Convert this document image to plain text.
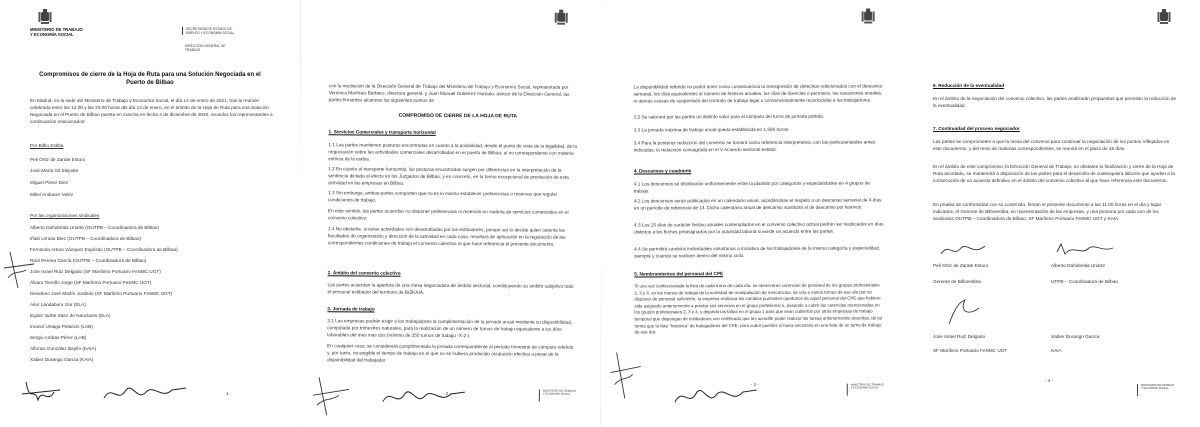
MINISTERIO DE TRABAJO
Y ECONOMÍA SOCIAL
SECRETARÍA DE ESTADO DE
EMPLEO Y ECONOMÍA SOCIAL
DIRECCIÓN GENERAL DE
TRABAJO
Compromisos de cierre de la Hoja de Ruta para una Solución Negociada en el Puerto de Bilbao
En Madrid, en la sede del Ministerio de Trabajo y Economía Social, el día 14 de enero de 2021, tras la reunión celebrada entre las 12:00 y las 23:00 horas del día 13 de enero, en el ámbito de la Hoja de Ruta para una Solución Negociada en el Puerto de Bilbao puesta en marcha en fecha 4 de diciembre de 2020, reunidos los representantes a continuación relacionados:
Por Bilbo Estiba
Peli Ortiz de Zarate Esturo
José María Gil Elejoste
Miguel Pérez Diez
Mikel Andonez Velez
Por las organizaciones sindicales
Alberto Dañobeitia Uriarte (OUTPB – Coordinadora de Bilbao)
Iñaki Urrutia Diez (OUTPB – Coordinadora de Bilbao)
Fernando Arturo Vázquez Expósito (OUTPB – Coordinadora de Bilbao)
Raúl Pereira García (OUTPB – Coordinadora de Bilbao)
Jose Israel Ruiz Delgado (SF Marítimo Portuario FeSMC UGT)
Álvaro Tierrillo Jorge (SF Marítimo Portuario FeSMC UGT)
Desiderio José Marlín Jordedo (SF Marítimo Portuario FeSMC UGT)
Aitor Landaburu Izar (ELA)
Egoitz Iturbe Sáez de Nanclares (ELA)
Imanol Urtiaga Pelacios (LAB)
Sergio Arribas Pérez (LAB)
Alfonso González Baylín (KAIA)
Xabier Durango García (KAIA)
1
con la mediación de la Dirección General de Trabajo del Ministerio de Trabajo y Economía Social, representada por Verónica Martínez Barbero, directora general, y Juan Manuel Gutiérrez Hurtado, asesor de la Dirección General, las partes firmantes alcanzan los siguientes puntos de
COMPROMISO DE CIERRE DE LA HOJA DE RUTA
1. Servicios Comerciales y transporte horizontal
1.1 Las partes mantienen posturas encontradas en cuanto a la posibilidad, desde el punto de vista de la legalidad, de la negociación sobre las actividades comerciales desarrolladas en el puerto de Bilbao, al no corresponderse con materia estricta de la estiba.
1.2 En cuanto al transporte horizontal, las posturas encontradas surgen por diferencias en la interpretación de la sentencia dictada al efecto en los Juzgados de Bilbao, y en concreto, en la forma excepcional de prestación de esta actividad en las empresas en Bilbao.
1.3 Sin embargo, ambas partes comparten que no es lo mismo establecer preferencias o reservas que regular condiciones de trabajo.
En este sentido, las partes acuerdan no disponer preferencias ni reservas en materia de servicios comerciales en el convenio colectivo.
1.4 No obstante, si estas actividades son desarrolladas por los estibadores, porque así lo decide quien ostenta las facultades de organización y dirección de la actividad en cada caso, resultará de aplicación en la regulación de las correspondientes condiciones de trabajo el convenio colectivo al que hace referencia el presente documento.
2. Ámbito del convenio colectivo
Las partes acuerdan la apertura de una mesa negociadora de ámbito sectorial, constituyendo su ámbito subjetivo todo el personal estibador del territorio de BIZKAIA.
3. Jornada de trabajo
3.1 Las empresas podrán exigir a los trabajadores la cumplimentación de la jornada anual mediante su disponibilidad, computada por trimestres naturales, para la realización de un número de turnos de trabajo equivalente a los días laborables del mes más dos (mínimo de 250 turnos de trabajo -X-2-).
En cualquier caso, se considerará cumplimentada la jornada correspondiente al período trimestral de cómputo referido y, por tanto, no exigible el tiempo de trabajo en el que no se hubiera producido ocupación efectiva a pesar de la disponibilidad del trabajador.
- 2 -	MINISTERIO DE TRABAJO
Y ECONOMÍA SOCIAL
La disponibilidad referida no podrá tener como consecuencia la transgresión de derechos relacionados con el descanso semanal, los días equivalentes al número de festivos anuales, los días de licencias o permisos, las vacaciones anuales, ni demás causas de suspensión del contrato de trabajo legal o convencionalmente reconocidas a los trabajadores.
3.2 Se valorará por las partes un distinto valor para el cómputo del turno de jornada partida.
3.3 La jornada máxima de trabajo anual queda establecida en 1.826 horas.
3.4 Para la posterior redacción del convenio se tomará como referencia interpretativa, con las particularidades antes indicadas, la redacción consagrada en el V Acuerdo sectorial estatal.
4. Descansos y cuadrante
4.1 Los descansos se distribuirán uniformemente entre la plantilla por categorías y especialidades en 4 grupos de trabajo.
4.2 Los descansos serán publicados en un calendario anual, acordándose el respeto a un descanso semanal de 4 días en un período de referencia de 14. Dicho calendario anual de descanso sustituirá al de descanso por festivos.
4.3 Los 15 días de carácter festivo anuales contemplados en el convenio colectivo actual podrán ser reubicados en días distintos a los fechos preasignados por la autoridad laboral si existe un acuerdo entre las partes.
4.4 Se permitirá cambios individuales voluntarios a iniciativa de los trabajadores de la misma categoría y especialidad, siempre y cuando se realicen dentro del mismo ciclo.
5. Nombramientos del personal del CPE
Si una vez confeccionada la lista de cada turno de cada día, se observaran carencias de personal de los grupos profesionales 2, 3 y 4, en las manos de trabajo de la actividad de manipulación de mercancías, de una o varios turnos de ese día por no disponer de personal suficiente, la empresa realizará los cambios puntuales oportunos de aquel personal del CPE que hubiere sido asignado anteriormente a prestar sus servicios en el grupo profesional 5, pasando a cubrir las carencias mencionadas en los grupos profesionales 2, 3 y 4, y dejando las faltas en el grupo 1 para que sean cubiertos por otras empresas de trabajo temporal que dispongan de estibadores con certificado que les acredite poder realizar las tareas anteriormente descritas, de tal forma que la lista "histórica" de trabajadores del CPE, para cubrir puestos si fuera necesario en una lista de un turno de trabajo de ese día.
- 3 -	MINISTERIO DE TRABAJO
Y ECONOMÍA SOCIAL
6. Reducción de la eventualidad
En el ámbito de la negociación del convenio colectivo, las partes analizarán propuestas que permitan la reducción de la eventualidad.
7. Continuidad del proceso negociador
Las partes se comprometen a que la mesa del convenio para continuar la negociación de los puntos reflejados en este documento, y del resto de materias correspondientes, se reunirá en el plazo de 15 días.
En el ámbito de este compromiso, la Dirección General de Trabajo, no obstante la finalización y cierre de la Hoja de Ruta acordada, se mantendrá a disposición de las partes para el desarrollo de cualesquiera labores que ayuden a la consecución de un acuerdo definitivo en el ámbito del convenio colectivo al que hace referencia este documento.
En prueba de conformidad con su contenido, firman el presente documento a las 11:00 horas en el día y lugar indicados, el Gerente de Bilboestiba, en representación de las empresas, y una persona por cada uno de los sindicatos OUTPB – Coordinadora de Bilbao, SF Marítimo Portuario FeSMC UGT y KAIA.
Peli Ortiz de Zarate Esturo	Alberto Dañobeitia Uriarte
Gerente de Bilboestiba	UTPB – Coordinadora de Bilbao
Jose Israel Ruiz Delgado	Xabier Durango García
SF Marítimo Portuario FeSMC UGT	KAIA
- 4 -
MINISTERIO DE TRABAJO
Y ECONOMÍA SOCIAL
